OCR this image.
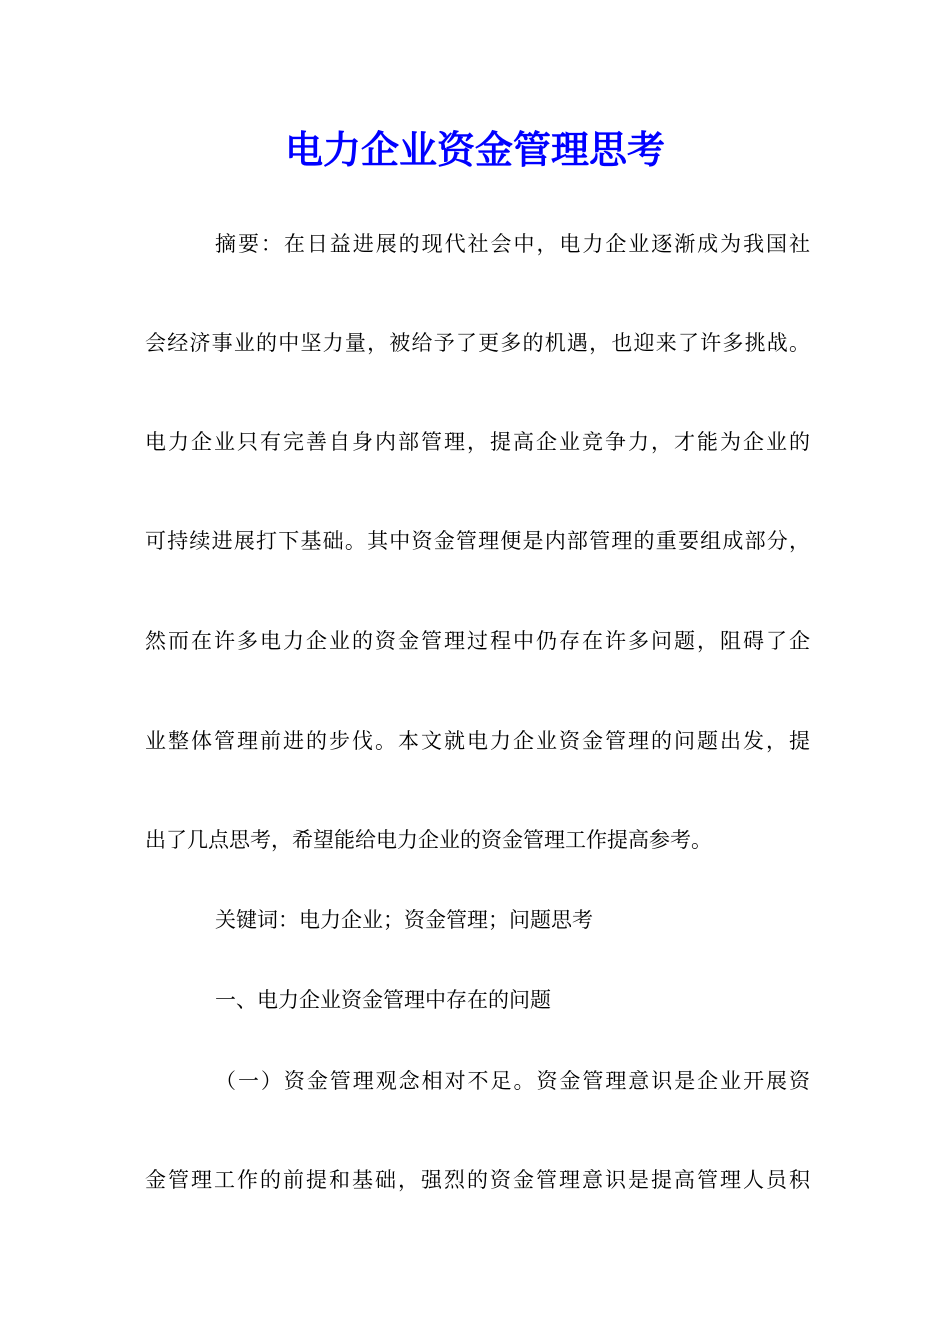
电力企业资金管理思考

摘要：在日益进展的现代社会中，电力企业逐渐成为我国社

会经济事业的中坚力量，被给予了更多的机遇，也迎来了许多挑战。

电力企业只有完善自身内部管理，提高企业竞争力，才能为企业的

可持续进展打下基础。其中资金管理便是内部管理的重要组成部分，

然而在许多电力企业的资金管理过程中仍存在许多问题，阻碍了企

业整体管理前进的步伐。本文就电力企业资金管理的问题出发，提

出了几点思考，希望能给电力企业的资金管理工作提高参考。

关键词：电力企业；资金管理；问题思考

一、电力企业资金管理中存在的问题

（一）资金管理观念相对不足。资金管理意识是企业开展资

金管理工作的前提和基础，强烈的资金管理意识是提高管理人员积
